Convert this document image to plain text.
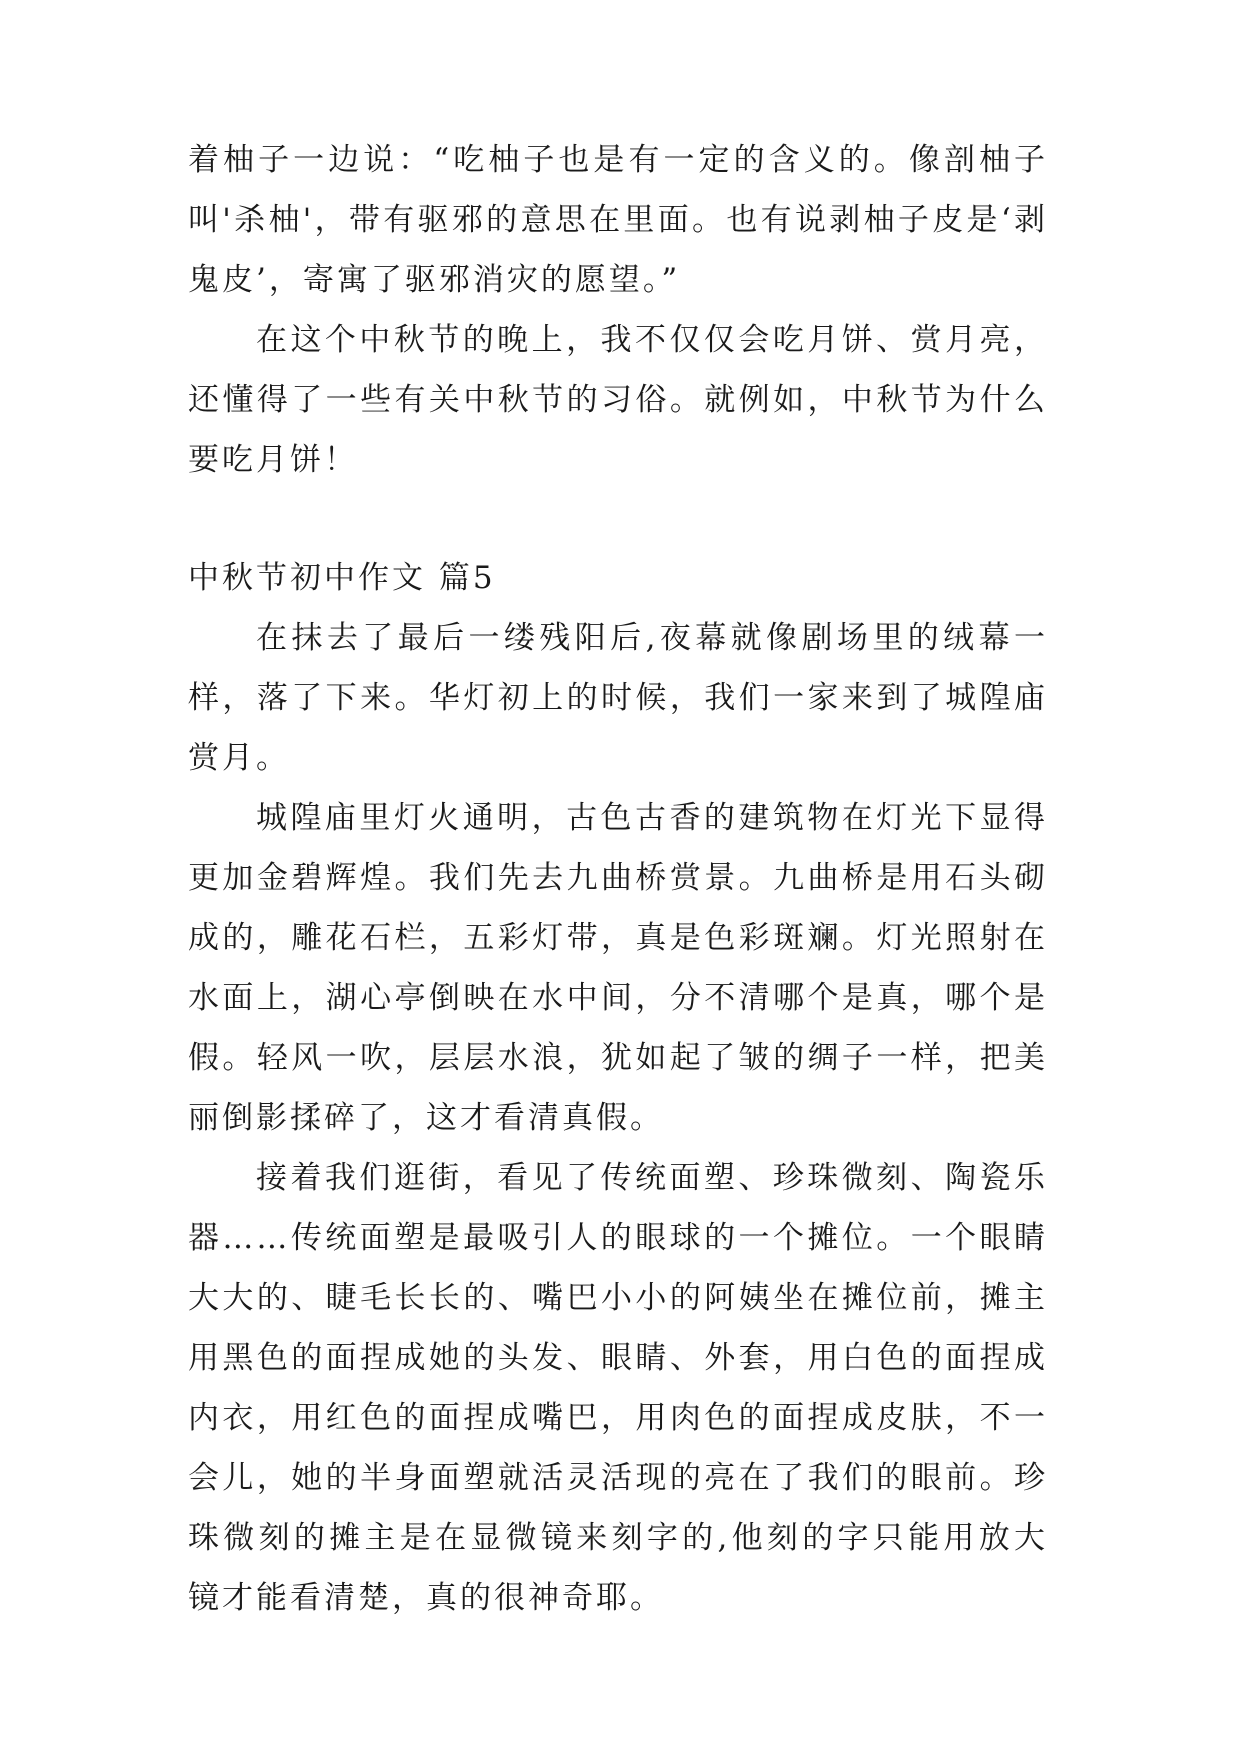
着柚子一边说：“吃柚子也是有一定的含义的。像剖柚子叫'杀柚'，带有驱邪的意思在里面。也有说剥柚子皮是‘剥鬼皮’，寄寓了驱邪消灾的愿望。”

在这个中秋节的晚上，我不仅仅会吃月饼、赏月亮，还懂得了一些有关中秋节的习俗。就例如，中秋节为什么要吃月饼！

中秋节初中作文 篇5

在抹去了最后一缕残阳后,夜幕就像剧场里的绒幕一样，落了下来。华灯初上的时候，我们一家来到了城隍庙赏月。

城隍庙里灯火通明，古色古香的建筑物在灯光下显得更加金碧辉煌。我们先去九曲桥赏景。九曲桥是用石头砌成的，雕花石栏，五彩灯带，真是色彩斑斓。灯光照射在水面上，湖心亭倒映在水中间，分不清哪个是真，哪个是假。轻风一吹，层层水浪，犹如起了皱的绸子一样，把美丽倒影揉碎了，这才看清真假。

接着我们逛街，看见了传统面塑、珍珠微刻、陶瓷乐器……传统面塑是最吸引人的眼球的一个摊位。一个眼睛大大的、睫毛长长的、嘴巴小小的阿姨坐在摊位前，摊主用黑色的面捏成她的头发、眼睛、外套，用白色的面捏成内衣，用红色的面捏成嘴巴，用肉色的面捏成皮肤，不一会儿，她的半身面塑就活灵活现的亮在了我们的眼前。珍珠微刻的摊主是在显微镜来刻字的,他刻的字只能用放大镜才能看清楚，真的很神奇耶。
